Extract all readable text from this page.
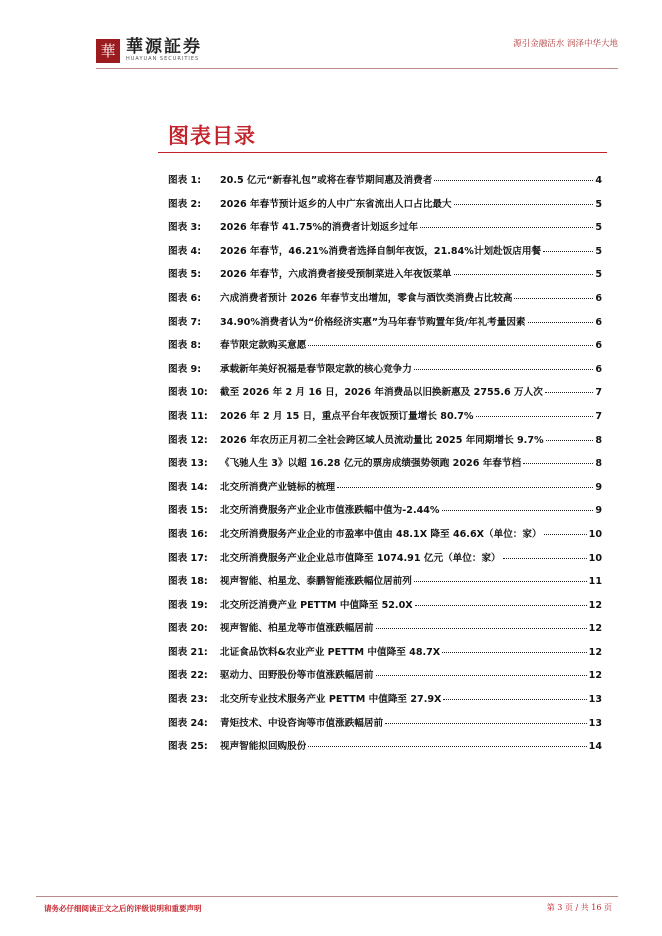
華 華源証券
HUAYUAN SECURITIES
源引金融活水 润泽中华大地
图表目录
图表 1:	20.5 亿元“新春礼包”或将在春节期间惠及消费者	4
图表 2:	2026 年春节预计返乡的人中广东省流出人口占比最大	5
图表 3:	2026 年春节 41.75%的消费者计划返乡过年	5
图表 4:	2026 年春节，46.21%消费者选择自制年夜饭，21.84%计划赴饭店用餐	5
图表 5:	2026 年春节，六成消费者接受预制菜进入年夜饭菜单	5
图表 6:	六成消费者预计 2026 年春节支出增加，零食与酒饮类消费占比较高	6
图表 7:	34.90%消费者认为“价格经济实惠”为马年春节购置年货/年礼考量因素	6
图表 8:	春节限定款购买意愿	6
图表 9:	承载新年美好祝福是春节限定款的核心竞争力	6
图表 10:	截至 2026 年 2 月 16 日，2026 年消费品以旧换新惠及 2755.6 万人次	7
图表 11:	2026 年 2 月 15 日，重点平台年夜饭预订量增长 80.7%	7
图表 12:	2026 年农历正月初二全社会跨区域人员流动量比 2025 年同期增长 9.7%	8
图表 13:	《飞驰人生 3》以超 16.28 亿元的票房成绩强势领跑 2026 年春节档	8
图表 14:	北交所消费产业链标的梳理	9
图表 15:	北交所消费服务产业企业市值涨跌幅中值为-2.44%	9
图表 16:	北交所消费服务产业企业的市盈率中值由 48.1X 降至 46.6X（单位：家）	10
图表 17:	北交所消费服务产业企业总市值降至 1074.91 亿元（单位：家）	10
图表 18:	视声智能、柏星龙、泰鹏智能涨跌幅位居前列	11
图表 19:	北交所泛消费产业 PETTM 中值降至 52.0X	12
图表 20:	视声智能、柏星龙等市值涨跌幅居前	12
图表 21:	北证食品饮料&农业产业 PETTM 中值降至 48.7X	12
图表 22:	驱动力、田野股份等市值涨跌幅居前	12
图表 23:	北交所专业技术服务产业 PETTM 中值降至 27.9X	13
图表 24:	青矩技术、中设咨询等市值涨跌幅居前	13
图表 25:	视声智能拟回购股份	14
请务必仔细阅读正文之后的评级说明和重要声明	第 3 页 / 共 16 页
